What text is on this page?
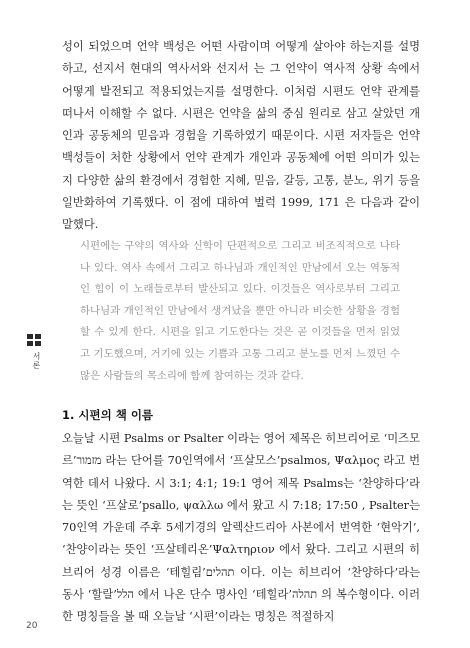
서론
성이 되었으며 언약 백성은 어떤 사람이며 어떻게 살아야 하는지를 설명하고, 선지서 현대의 역사서와 선지서 는 그 언약이 역사적 상황 속에서 어떻게 발전되고 적용되었는지를 설명한다. 이처럼 시편도 언약 관계를 떠나서 이해할 수 없다. 시편은 언약을 삶의 중심 원리로 삼고 살았던 개인과 공동체의 믿음과 경험을 기록하였기 때문이다. 시편 저자들은 언약 백성들이 처한 상황에서 언약 관계가 개인과 공동체에 어떤 의미가 있는지 다양한 삶의 환경에서 경험한 지혜, 믿음, 갈등, 고통, 분노, 위기 등을 일반화하여 기록했다. 이 점에 대하여 벌럭 1999, 171 은 다음과 같이 말했다.
시편에는 구약의 역사와 신학이 단편적으로 그리고 비조직적으로 나타나 있다. 역사 속에서 그리고 하나님과 개인적인 만남에서 오는 역동적인 힘이 이 노래들로부터 발산되고 있다. 이것들은 역사로부터 그리고 하나님과 개인적인 만남에서 생겨났을 뿐만 아니라 비슷한 상황을 경험할 수 있게 한다. 시편을 읽고 기도한다는 것은 곧 이것들을 먼저 읽었고 기도했으며, 거기에 있는 기쁨과 고통 그리고 분노를 먼저 느꼈던 수많은 사람들의 목소리에 함께 참여하는 것과 같다.
1. 시편의 책 이름
오늘날 시편 Psalms or Psalter 이라는 영어 제목은 히브리어로 ‘미즈모르’מזמור 라는 단어를 70인역에서 ‘프살모스’psalmos, Ψαλμος 라고 번역한 데서 나왔다. 시 3:1; 4:1; 19:1 영어 제목 Psalms는 ‘찬양하다’라는 뜻인 ‘프살로’psallo, ψαλλω 에서 왔고 시 7:18; 17:50 , Psalter는 70인역 가운데 주후 5세기경의 알렉산드리아 사본에서 번역한 ‘현악기’, ‘찬양이라는 뜻인 ‘프살테리온’Ψαλτηριον 에서 왔다. 그리고 시편의 히브리어 성경 이름은 ‘테힐림’תהלים 이다. 이는 히브리어 ‘찬양하다’라는 동사 ‘할랄’הלל 에서 나온 단수 명사인 ‘테힐라’תהלה 의 복수형이다. 이러한 명칭들을 볼 때 오늘날 ‘시편’이라는 명칭은 적절하지
20
